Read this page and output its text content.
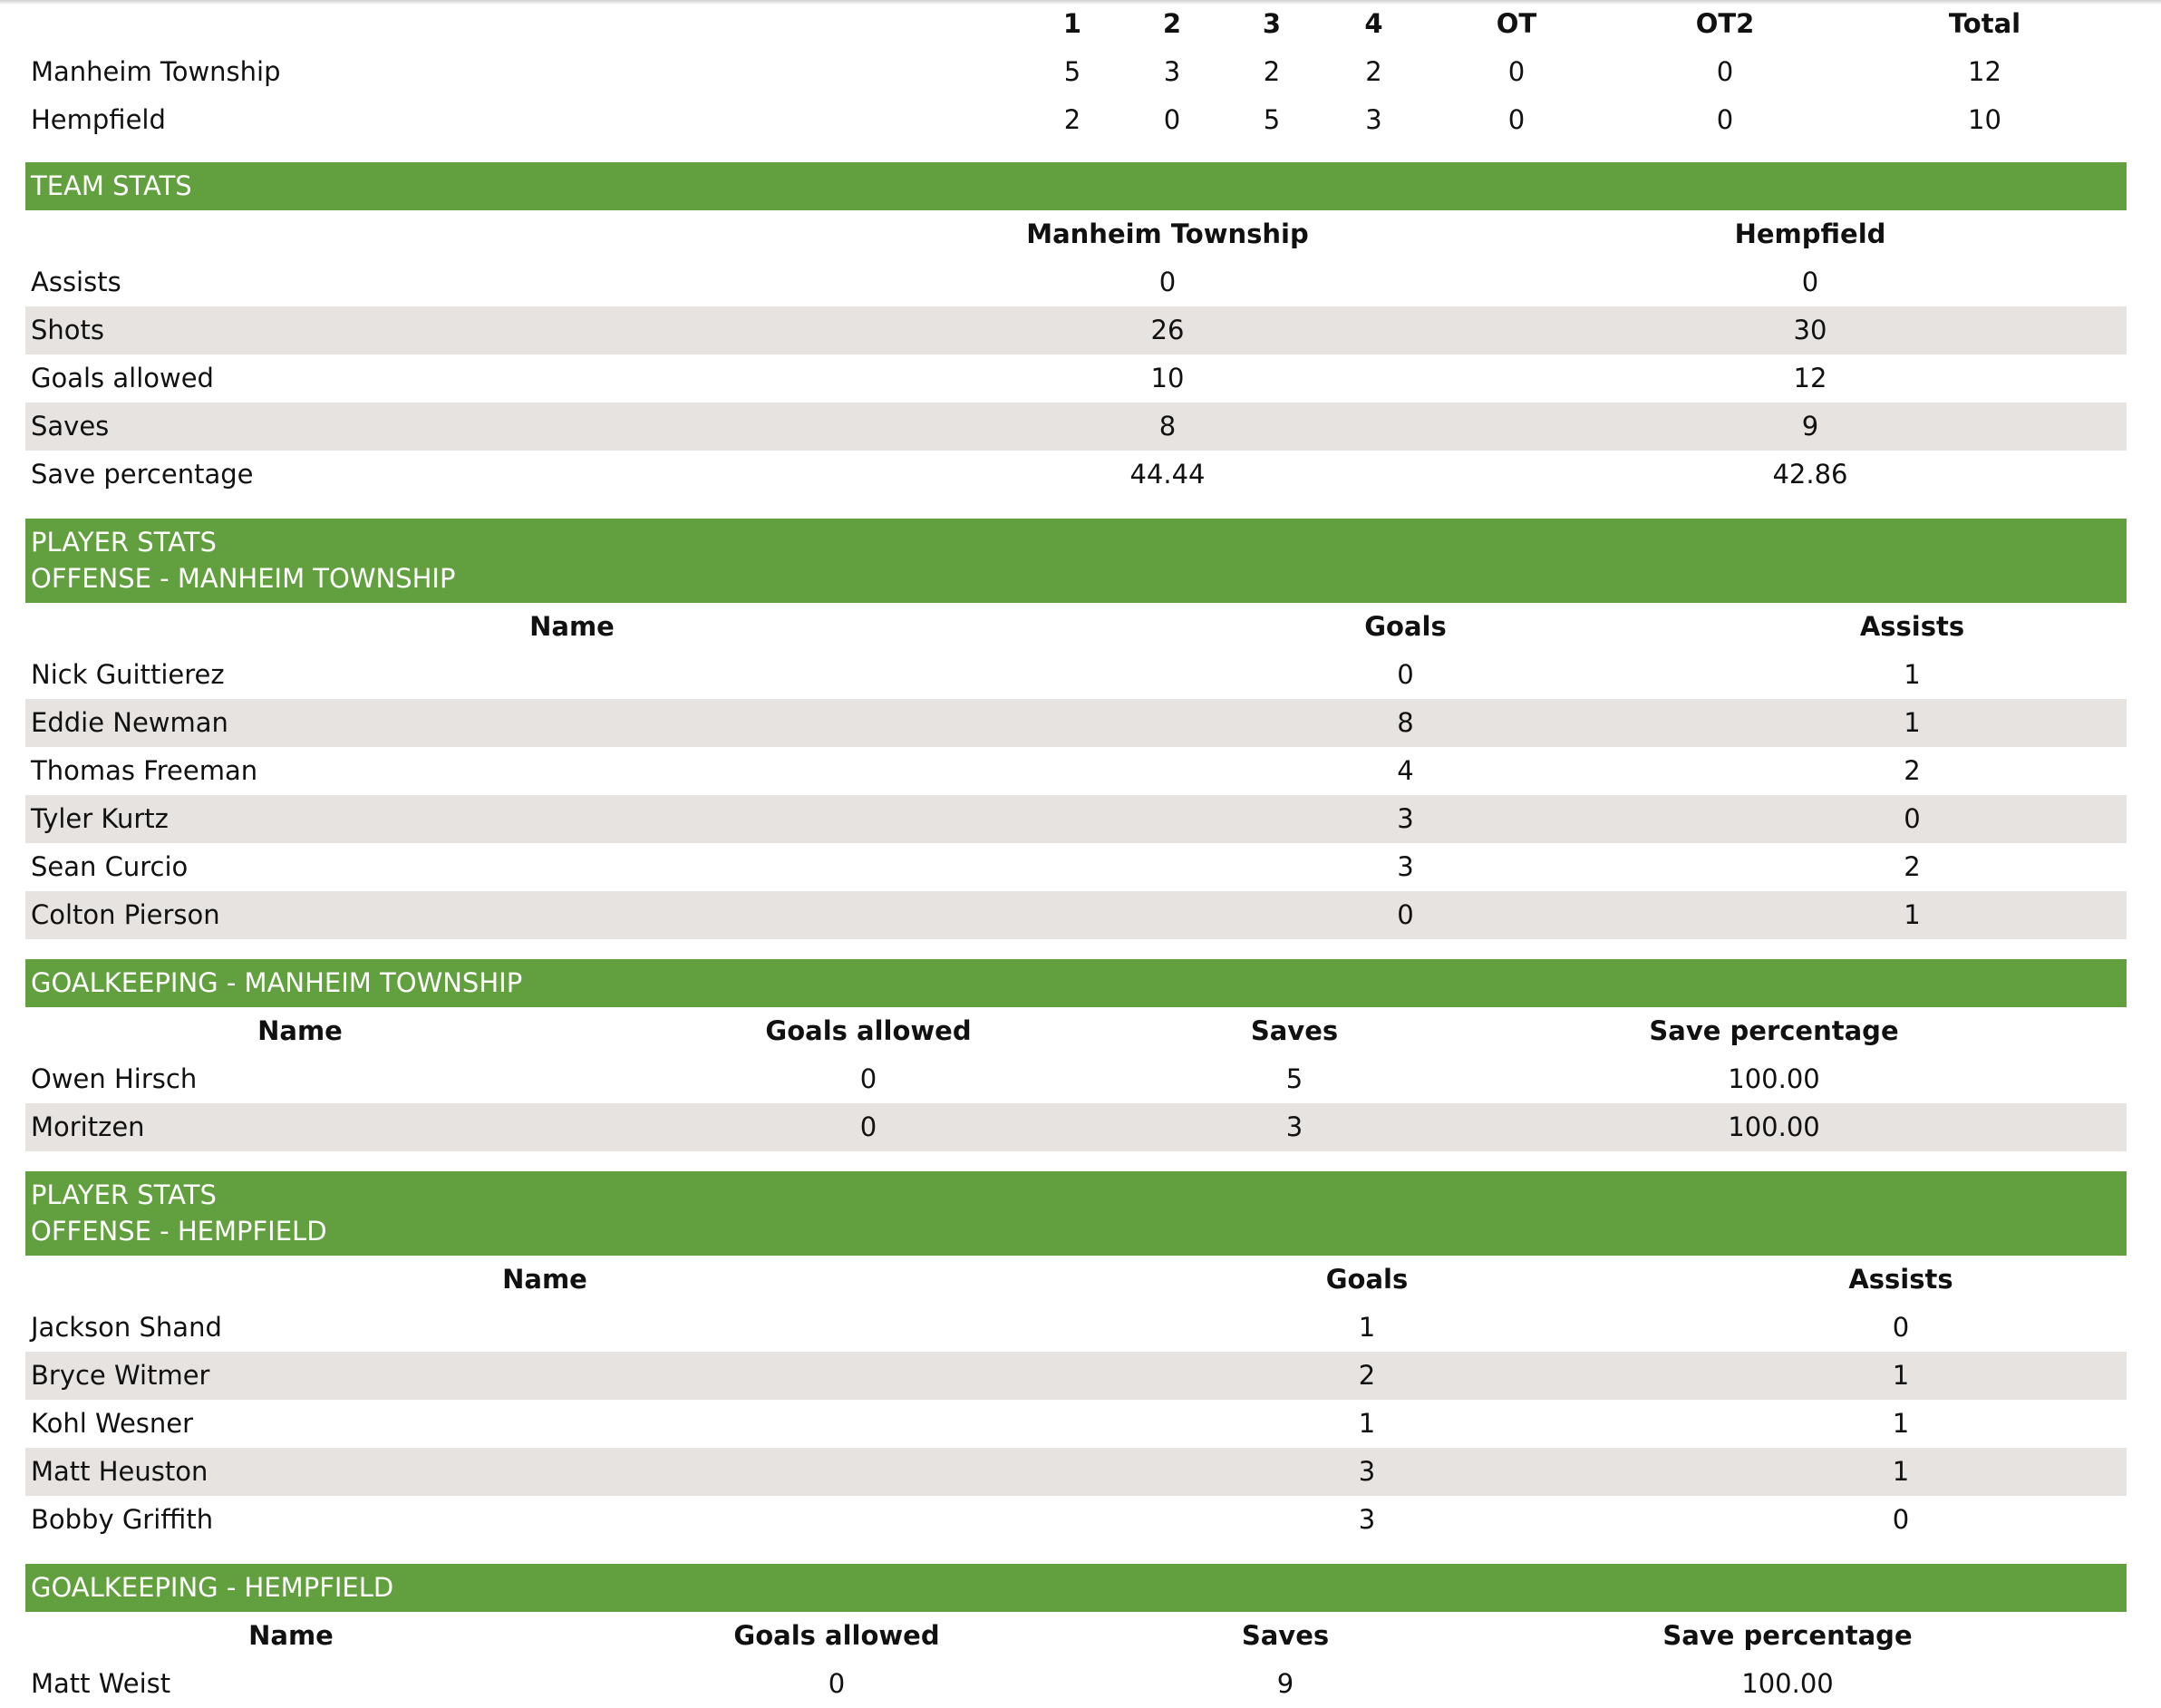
	1	2	3	4	OT	OT2	Total
Manheim Township	5	3	2	2	0	0	12
Hempfield	2	0	5	3	0	0	10
TEAM STATS
	Manheim Township	Hempfield
Assists	0	0
Shots	26	30
Goals allowed	10	12
Saves	8	9
Save percentage	44.44	42.86
PLAYER STATS
OFFENSE - MANHEIM TOWNSHIP
Name	Goals	Assists
Nick Guittierez	0	1
Eddie Newman	8	1
Thomas Freeman	4	2
Tyler Kurtz	3	0
Sean Curcio	3	2
Colton Pierson	0	1
GOALKEEPING - MANHEIM TOWNSHIP
Name	Goals allowed	Saves	Save percentage
Owen Hirsch	0	5	100.00
Moritzen	0	3	100.00
PLAYER STATS
OFFENSE - HEMPFIELD
Name	Goals	Assists
Jackson Shand	1	0
Bryce Witmer	2	1
Kohl Wesner	1	1
Matt Heuston	3	1
Bobby Griffith	3	0
GOALKEEPING - HEMPFIELD
Name	Goals allowed	Saves	Save percentage
Matt Weist	0	9	100.00
